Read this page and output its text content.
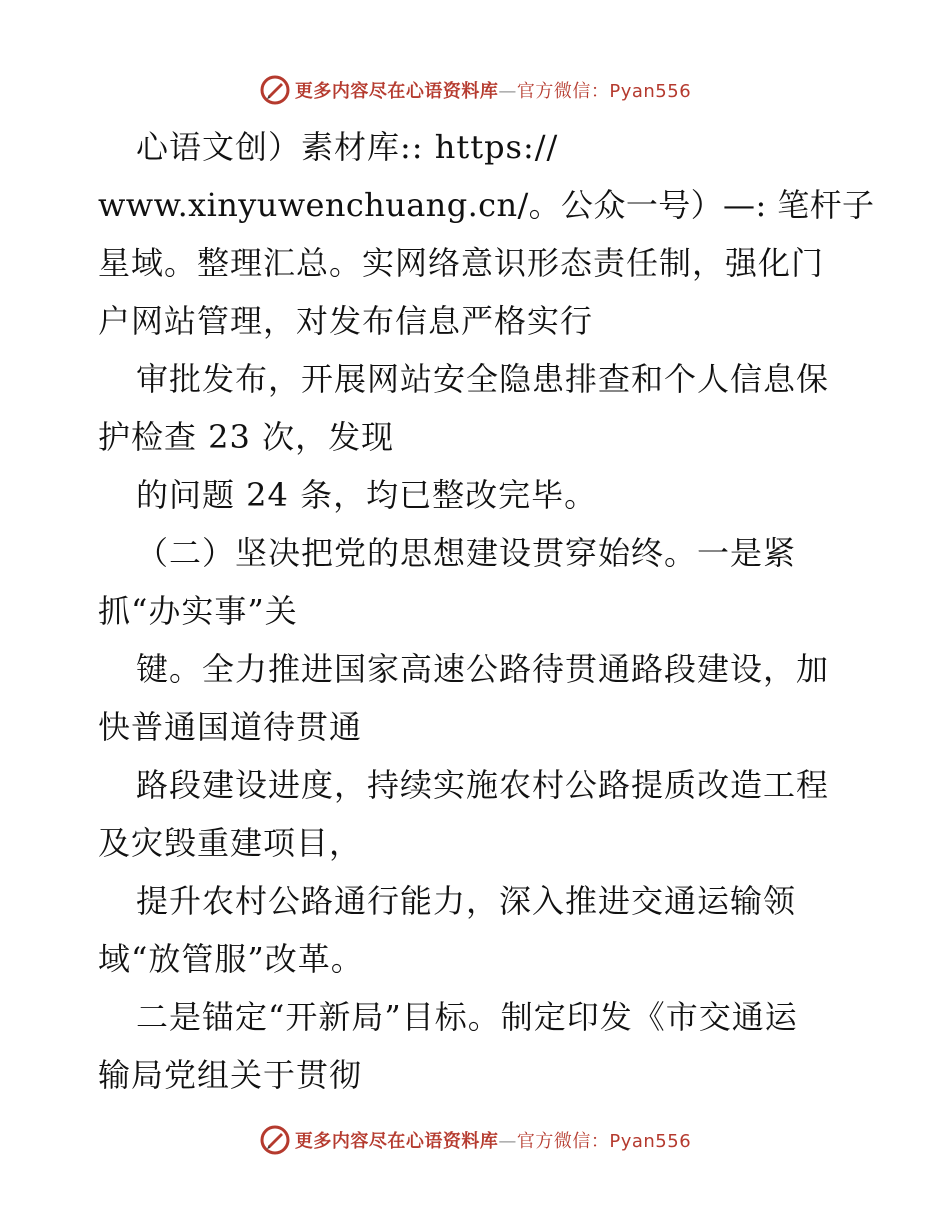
更多内容尽在心语资料库—官方微信：Pyan556
心语文创）素材库:: https://
www.xinyuwenchuang.cn/。公众一号）—: 笔杆子
星域。整理汇总。实网络意识形态责任制，强化门
户网站管理，对发布信息严格实行
审批发布，开展网站安全隐患排查和个人信息保
护检查 23 次，发现
的问题 24 条，均已整改完毕。
（二）坚决把党的思想建设贯穿始终。一是紧
抓“办实事”关
键。全力推进国家高速公路待贯通路段建设，加
快普通国道待贯通
路段建设进度，持续实施农村公路提质改造工程
及灾毁重建项目，
提升农村公路通行能力，深入推进交通运输领
域“放管服”改革。
二是锚定“开新局”目标。制定印发《市交通运
输局党组关于贯彻
更多内容尽在心语资料库—官方微信：Pyan556
